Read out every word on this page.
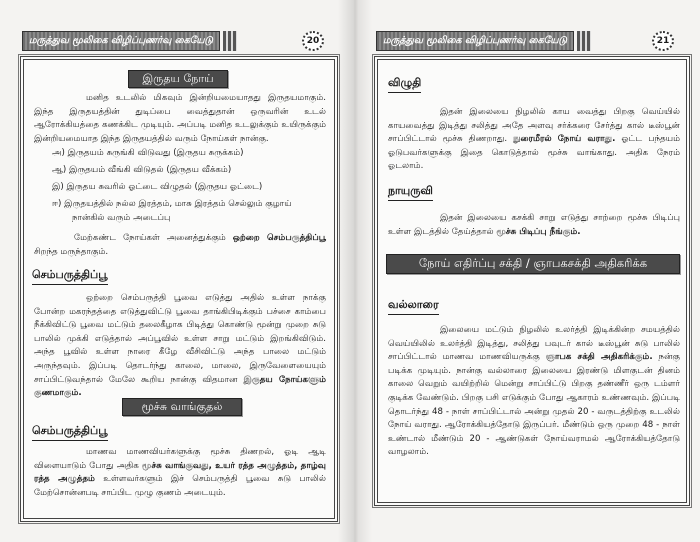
மருத்துவ மூலிகை விழிப்புணர்வு கையேடு	20
இருதய நோய்
மனித உடலில் மிகவும் இன்றியமையாதது இருதயமாகும். இந்த இருதயத்தின் துடிப்பை வைத்துதான் ஒருவரின் உடல் ஆரோக்கியத்தை கணக்கிட முடியும். அப்படி மனித உடலுக்கும் உயிருக்கும் இன்றியமையாத இந்த இருதயத்தில் வரும் நோய்கள் நான்கு.
அ) இருதயம் சுருங்கி விடுவது (இருதய சுருக்கம்)
ஆ) இருதயம் வீங்கி விடுதல் (இருதய வீக்கம்)
இ) இருதய சுவரில் ஓட்டை விழுதல் (இருதய ஓட்டை)
ஈ) இருதயத்தில் நல்ல இரத்தம், மாசு இரத்தம் செல்லும் குழாய் நான்கில் வரும் அடைப்பு
மேற்கண்ட நோய்கள் அனைத்துக்கும் ஒற்றை செம்பருத்திப்பூ சிறந்த மருந்தாகும்.
செம்பருத்திப்பூ
ஒற்றை செம்பருத்தி பூவை எடுத்து அதில் உள்ள நாக்கு போன்ற மகரந்தத்தை எடுத்துவிட்டு பூவை தாங்கிபிடிக்கும் பச்சை காம்பை நீக்கிவிட்டு பூவை மட்டும் தலைகீழாக பிடித்து கொண்டு மூன்று முறை சுடு பாலில் முக்கி எடுத்தால் அப்பூவில் உள்ள சாறு மட்டும் இறங்கிவிடும். அந்த பூவில் உள்ள நாரை கீழே வீசிவிட்டு அந்த பாலை மட்டும் அருந்தவும். இப்படி தொடர்ந்து காலை, மாலை, இருவேளையையும் சாப்பிட்டுவந்தால் மேலே கூறிய நான்கு விதமான இருதய நோய்களும் குணமாகும்.
மூச்சு வாங்குதல்
செம்பருத்திப்பூ
மாணவ மாணவியர்களுக்கு மூச்சு திணறல், ஓடி ஆடி விளையாடும் போது அதிக மூச்சு வாங்குவது, உயர் ரத்த அழுத்தம், தாழ்வு ரத்த அழுத்தம் உள்ளவர்களும் இச் செம்பருத்தி பூவை சுடு பாலில் மேற்சொன்னபடி சாப்பிட முழு குணம் அடையும்.
மருத்துவ மூலிகை விழிப்புணர்வு கையேடு	21
விழுதி
இதன் இலையை நிழலில் காய வைத்து பிறகு வெய்யில் காயவைத்து இடித்து சலித்து அதே அளவு சர்க்கரை சேர்த்து கால் டீஸ்பூன் சாப்பிட்டால் மூச்சு திணறாது. நுரைமீரல் நோய் வராது. ஓட்ட பந்தயம் ஓடுபவர்களுக்கு இதை கொடுத்தால் மூச்சு வாங்காது. அதிக நேரம் ஓடலாம்.
நாயுருவி
இதன் இலையை கசக்கி சாறு எடுத்து சாற்றை மூச்சு பிடிப்பு உள்ள இடத்தில் தேய்த்தால் மூச்சு பிடிப்பு நீங்கும்.
நோய் எதிர்ப்பு சக்தி / ஞாபகசக்தி அதிகரிக்க
வல்லாரை
இலையை மட்டும் நிழலில் உலர்த்தி இடிக்கின்ற சமயத்தில் வெய்யிலில் உலர்த்தி இடித்து, சலித்து பவுடர் கால் டீஸ்பூன் சுடு பாலில் சாப்பிட்டால் மாணவ மாணவியருக்கு ஞாபக சக்தி அதிகரிக்கும். நன்கு படிக்க முடியும். நான்கு வல்லாரை இலையை இரண்டு மிளகுடன் தினம் காலை வெறும் வயிற்றில் மென்று சாப்பிட்டு பிறகு தண்ணீர் ஒரு டம்ளர் குடிக்க வேண்டும். பிறகு பசி எடுக்கும் போது ஆகாரம் உண்ணவும். இப்படி தொடர்ந்து 48 - நாள் சாப்பிட்டால் அன்று முதல் 20 - வருடத்திற்கு உடலில் நோய் வராது. ஆரோக்கியத்தோடு இருப்பர். மீண்டும் ஒரு முறை 48 - நாள் உண்டால் மீண்டும் 20 - ஆண்டுகள் நோய்வராமல் ஆரோக்கியத்தோடு வாழலாம்.
